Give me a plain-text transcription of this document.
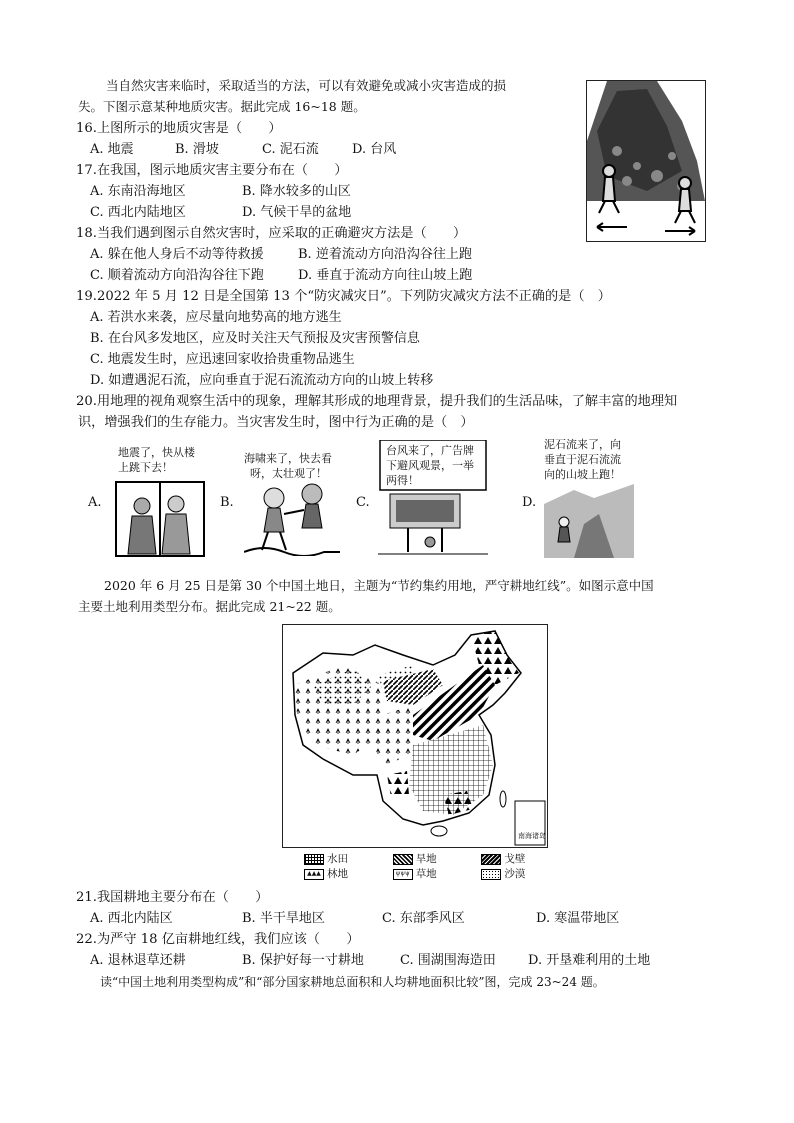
当自然灾害来临时，采取适当的方法，可以有效避免或减小灾害造成的损
失。下图示意某种地质灾害。据此完成 16~18 题。
16.上图所示的地质灾害是（　　）
A. 地震	B. 滑坡	C. 泥石流	D. 台风
17.在我国，图示地质灾害主要分布在（　　）
A. 东南沿海地区	B. 降水较多的山区
C. 西北内陆地区	D. 气候干旱的盆地
18.当我们遇到图示自然灾害时，应采取的正确避灾方法是（　　）
A. 躲在他人身后不动等待救援	B. 逆着流动方向沿沟谷往上跑
C. 顺着流动方向沿沟谷往下跑	D. 垂直于流动方向往山坡上跑
19.2022 年 5 月 12 日是全国第 13 个“防灾减灾日”。下列防灾减灾方法不正确的是（　）
A. 若洪水来袭，应尽量向地势高的地方逃生
B. 在台风多发地区，应及时关注天气预报及灾害预警信息
C. 地震发生时，应迅速回家收拾贵重物品逃生
D. 如遭遇泥石流，应向垂直于泥石流流动方向的山坡上转移
20.用地理的视角观察生活中的现象，理解其形成的地理背景，提升我们的生活品味，了解丰富的地理知
识，增强我们的生存能力。当灾害发生时，图中行为正确的是（　）
A.
地震了，快从楼
上跳下去！
B.
海啸来了，快去看
呀，太壮观了！
C.
台风来了，广告牌
下避风观景，一举
两得！
D.
泥石流来了，向
垂直于泥石流流
向的山坡上跑！
2020 年 6 月 25 日是第 30 个中国土地日，主题为“节约集约用地，严守耕地红线”。如图示意中国
主要土地利用类型分布。据此完成 21~22 题。
南海诸岛
水田	旱地	戈壁
▲▲▲ 林地	ψψψ 草地	沙漠
21.我国耕地主要分布在（　　）
A. 西北内陆区	B. 半干旱地区	C. 东部季风区	D. 寒温带地区
22.为严守 18 亿亩耕地红线，我们应该（　　）
A. 退林退草还耕	B. 保护好每一寸耕地	C. 围湖围海造田 D. 开垦难利用的土地
读“中国土地利用类型构成”和“部分国家耕地总面积和人均耕地面积比较”图，完成 23~24 题。
